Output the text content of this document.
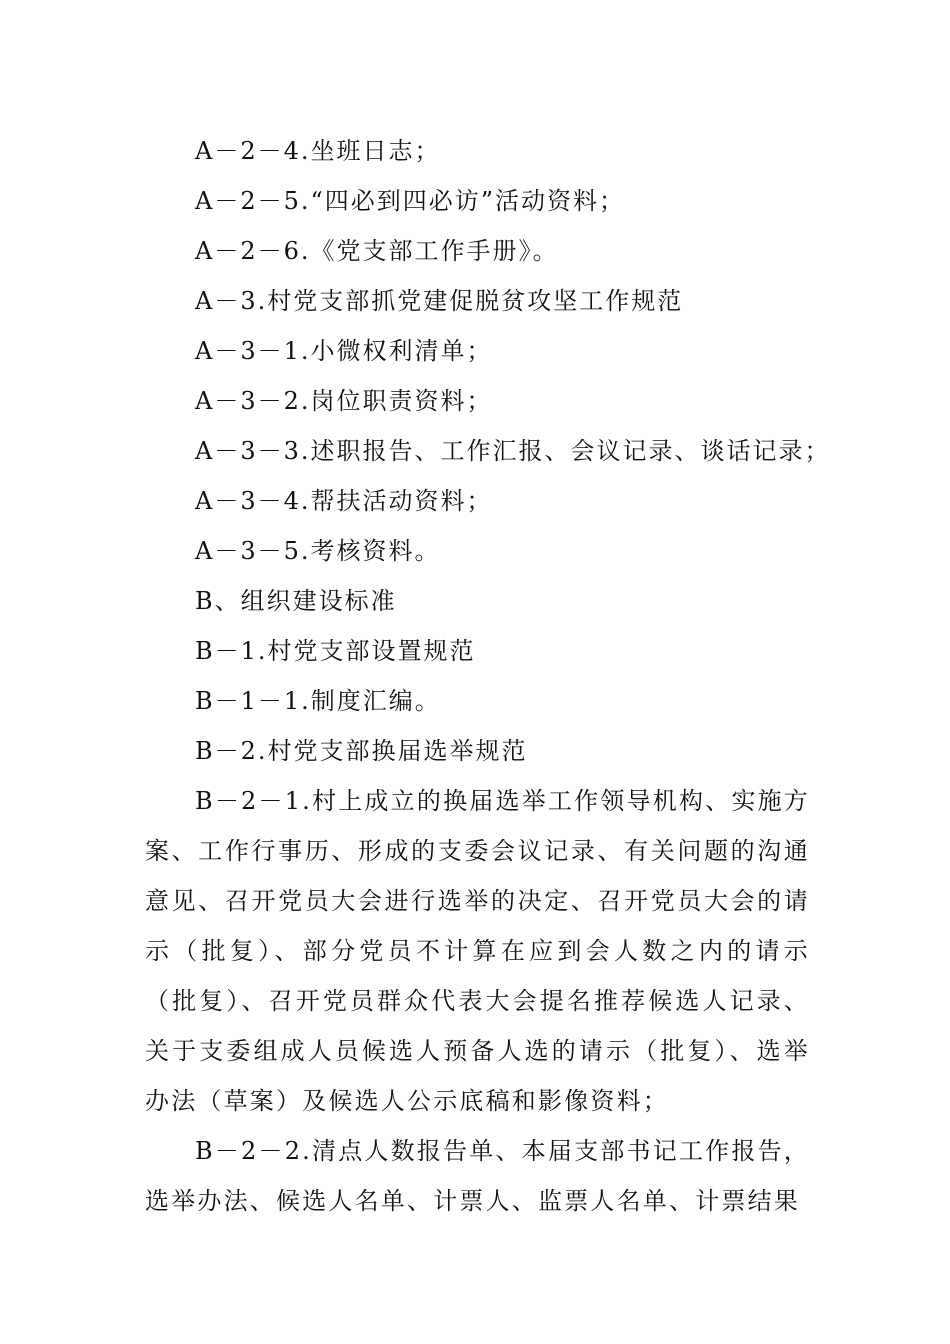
A－2－4.坐班日志；
A－2－5.“四必到四必访”活动资料；
A－2－6.《党支部工作手册》。
A－3.村党支部抓党建促脱贫攻坚工作规范
A－3－1.小微权利清单；
A－3－2.岗位职责资料；
A－3－3.述职报告、工作汇报、会议记录、谈话记录；
A－3－4.帮扶活动资料；
A－3－5.考核资料。
B、组织建设标准
B－1.村党支部设置规范
B－1－1.制度汇编。
B－2.村党支部换届选举规范
B－2－1.村上成立的换届选举工作领导机构、实施方案、工作行事历、形成的支委会议记录、有关问题的沟通意见、召开党员大会进行选举的决定、召开党员大会的请示（批复）、部分党员不计算在应到会人数之内的请示（批复）、召开党员群众代表大会提名推荐候选人记录、关于支委组成人员候选人预备人选的请示（批复）、选举办法（草案）及候选人公示底稿和影像资料；
B－2－2.清点人数报告单、本届支部书记工作报告，选举办法、候选人名单、计票人、监票人名单、计票结果
